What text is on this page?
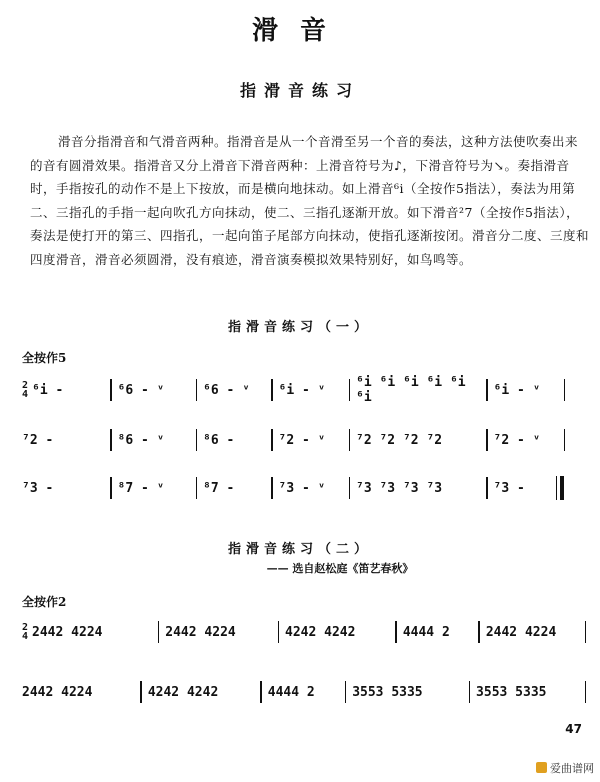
滑音
指滑音练习
滑音分指滑音和气滑音两种。指滑音是从一个音滑至另一个音的奏法，这种方法使吹奏出来的音有圆滑效果。指滑音又分上滑音下滑音两种：上滑音符号为♪，下滑音符号为↘。奏指滑音时，手指按孔的动作不是上下按放，而是横向地抹动。如上滑音⁶i（全按作5指法），奏法为用第二、三指孔的手指一起向吹孔方向抹动，使二、三指孔逐渐开放。如下滑音²7（全按作5指法），奏法是使打开的第三、四指孔，一起向笛子尾部方向抹动，使指孔逐渐按闭。滑音分二度、三度和四度滑音，滑音必须圆滑，没有痕迹，滑音演奏模拟效果特别好，如鸟鸣等。
指滑音练习（一）
全按作5
2
4 ⁶i -	⁶6 - ᵛ	⁶6 - ᵛ	⁶i - ᵛ	⁶i ⁶i ⁶i ⁶i ⁶i ⁶i	⁶i - ᵛ
⁷2 -	⁸6 - ᵛ	⁸6 -	⁷2 - ᵛ	⁷2 ⁷2 ⁷2 ⁷2	⁷2 - ᵛ
⁷3 -	⁸7 - ᵛ	⁸7 -	⁷3 - ᵛ	⁷3 ⁷3 ⁷3 ⁷3	⁷3 -
指滑音练习（二）
—— 选自赵松庭《笛艺春秋》
全按作2
2
4 2442 4224	2442 4224	4242 4242	4444 2	2442 4224
2442 4224	4242 4242	4444 2	3553 5335	3553 5335
47
爱曲谱网
